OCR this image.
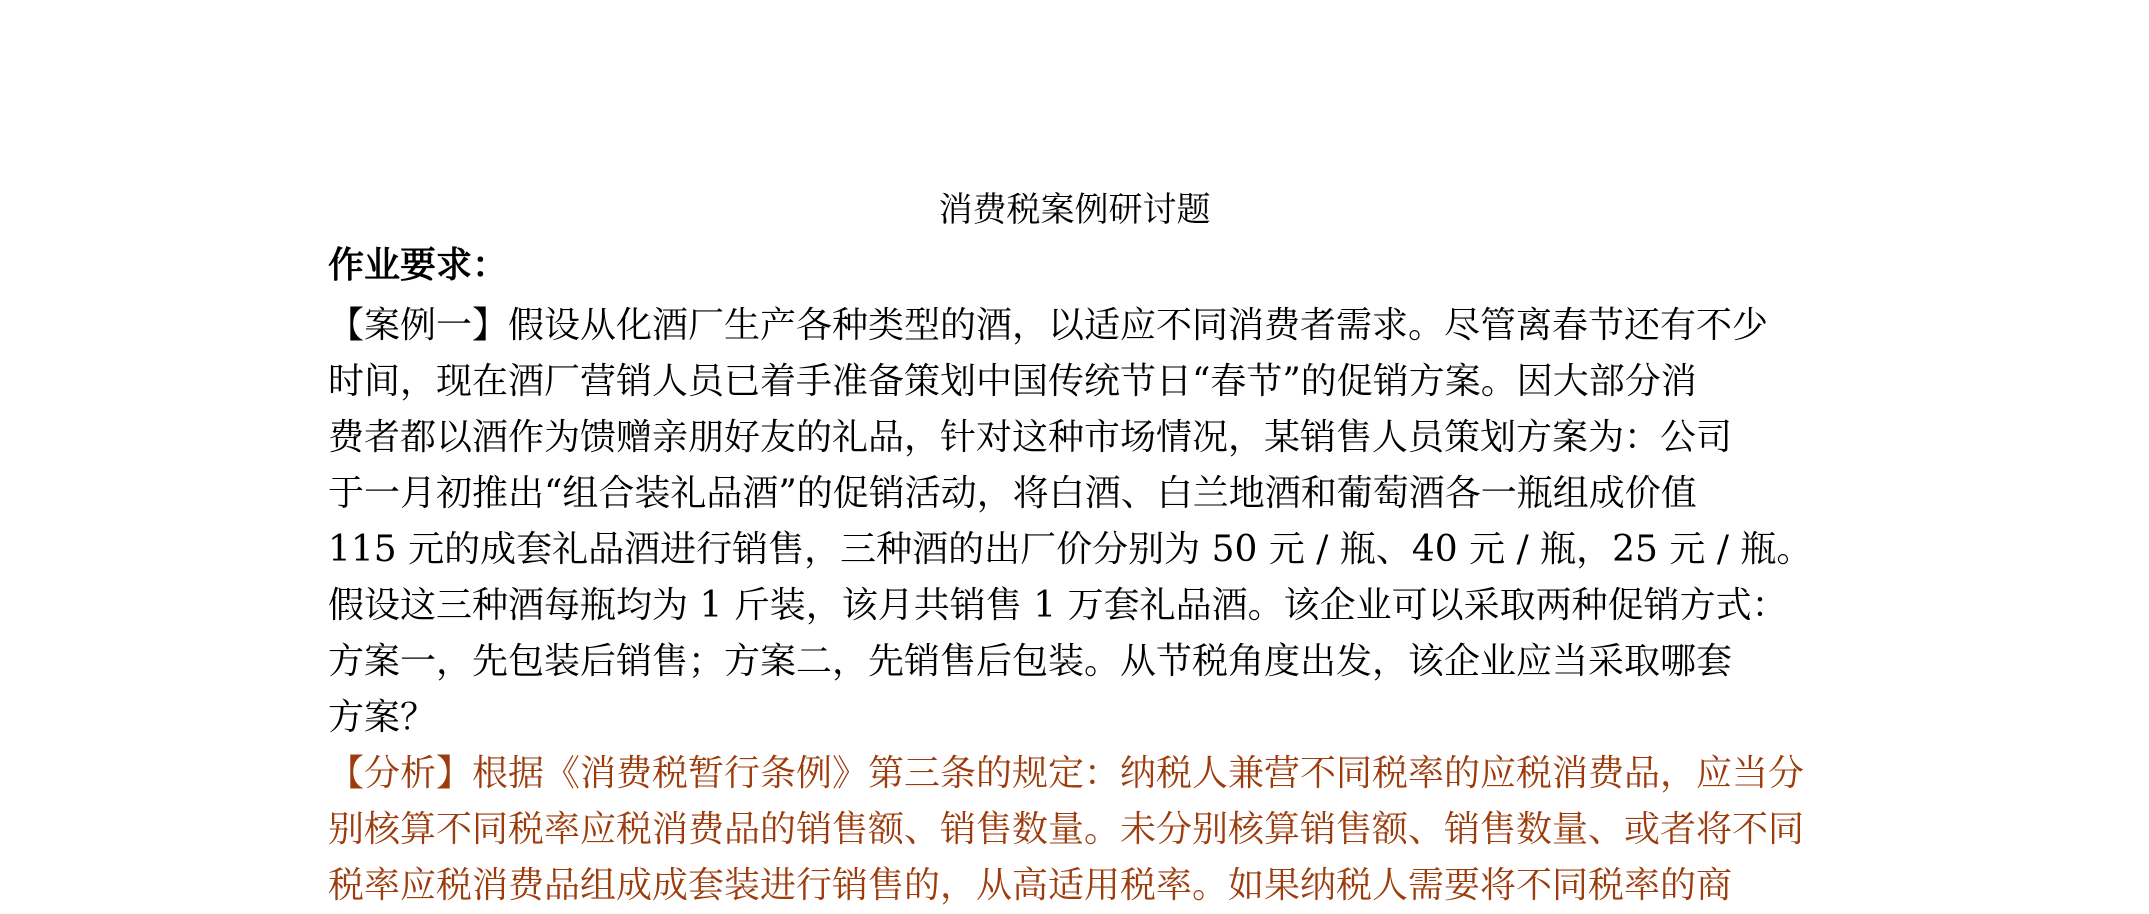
消费税案例研讨题
作业要求：
【案例一】假设从化酒厂生产各种类型的酒，以适应不同消费者需求。尽管离春节还有不少
时间，现在酒厂营销人员已着手准备策划中国传统节日“春节”的促销方案。因大部分消
费者都以酒作为馈赠亲朋好友的礼品，针对这种市场情况，某销售人员策划方案为：公司
于一月初推出“组合装礼品酒”的促销活动，将白酒、白兰地酒和葡萄酒各一瓶组成价值
115 元的成套礼品酒进行销售，三种酒的出厂价分别为 50 元 / 瓶、40 元 / 瓶，25 元 / 瓶。
假设这三种酒每瓶均为 1 斤装，该月共销售 1 万套礼品酒。该企业可以采取两种促销方式：
方案一，先包装后销售；方案二，先销售后包装。从节税角度出发，该企业应当采取哪套
方案？
【分析】根据《消费税暂行条例》第三条的规定：纳税人兼营不同税率的应税消费品，应当分
别核算不同税率应税消费品的销售额、销售数量。未分别核算销售额、销售数量、或者将不同
税率应税消费品组成成套装进行销售的，从高适用税率。如果纳税人需要将不同税率的商
